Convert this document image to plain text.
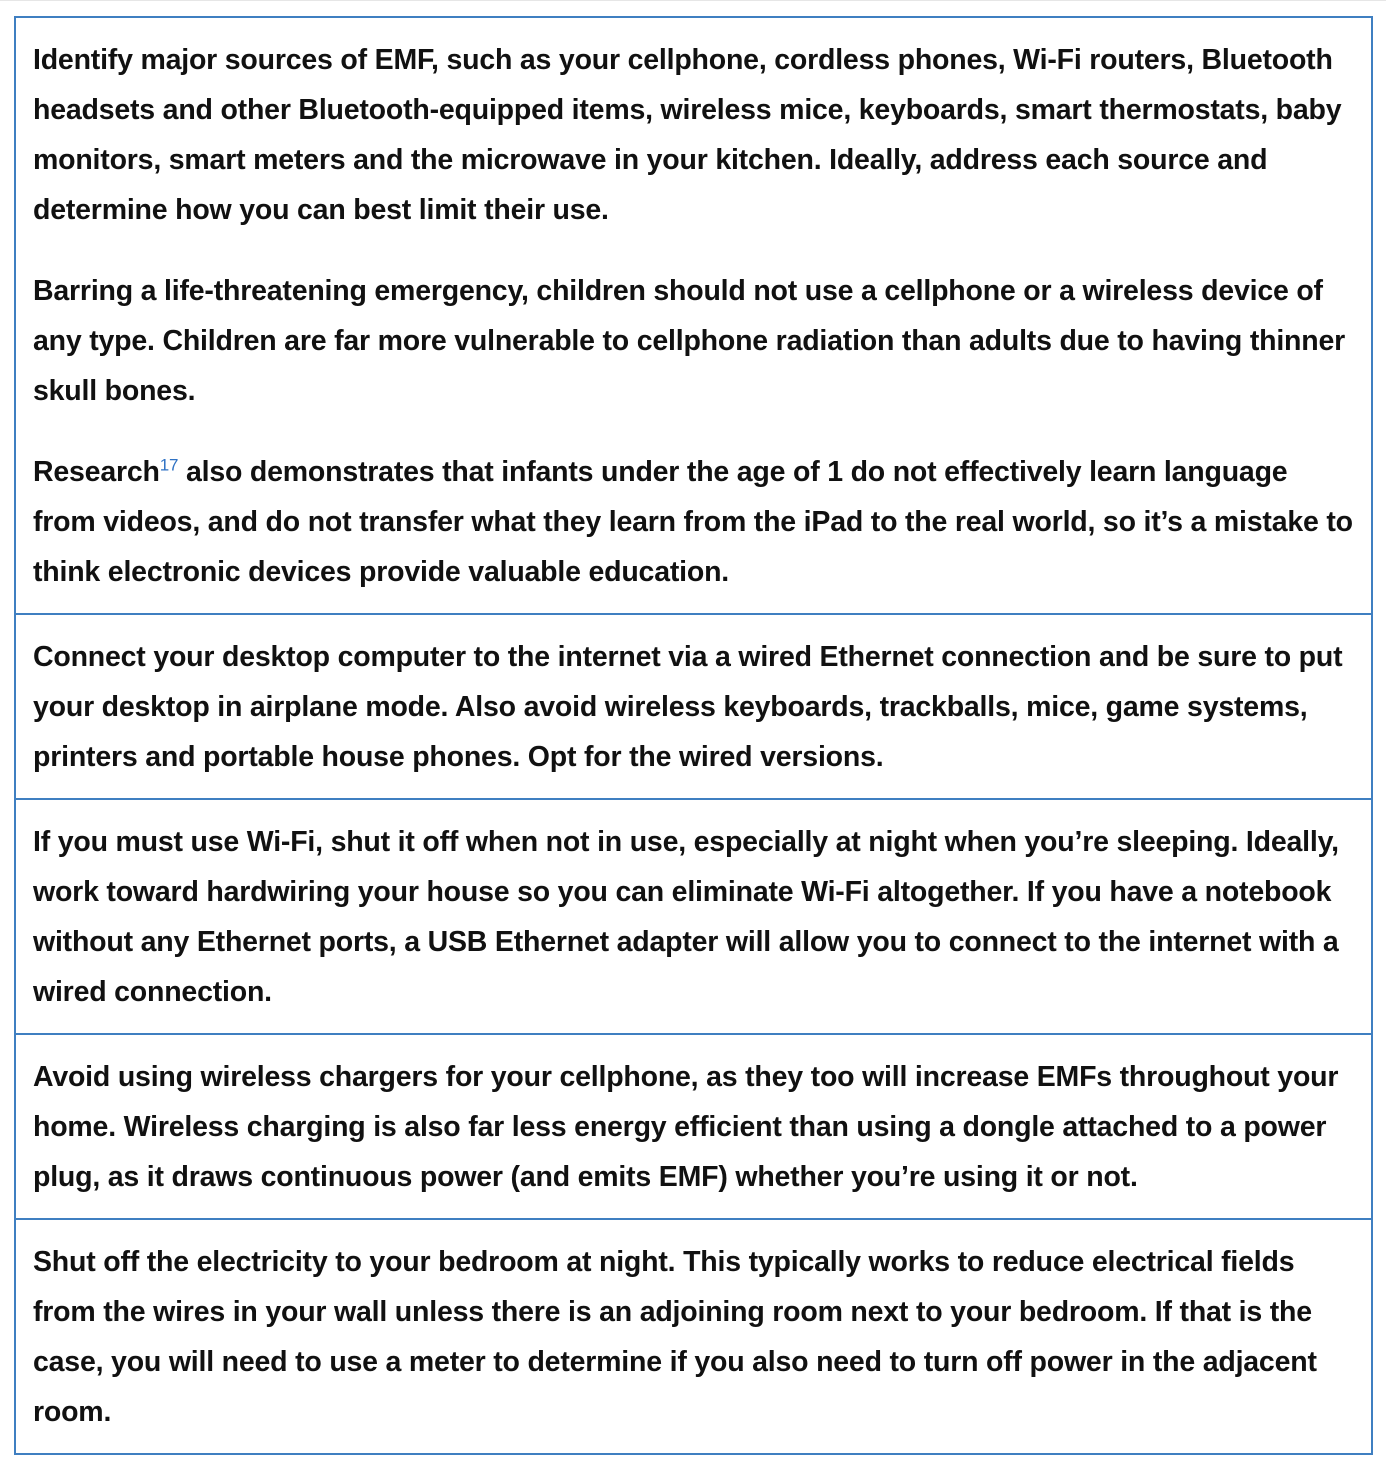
Identify major sources of EMF, such as your cellphone, cordless phones, Wi-Fi routers, Bluetooth headsets and other Bluetooth-equipped items, wireless mice, keyboards, smart thermostats, baby monitors, smart meters and the microwave in your kitchen. Ideally, address each source and determine how you can best limit their use.

Barring a life-threatening emergency, children should not use a cellphone or a wireless device of any type. Children are far more vulnerable to cellphone radiation than adults due to having thinner skull bones.

Research$^{17}$ also demonstrates that infants under the age of 1 do not effectively learn language from videos, and do not transfer what they learn from the iPad to the real world, so it’s a mistake to think electronic devices provide valuable education.

Connect your desktop computer to the internet via a wired Ethernet connection and be sure to put your desktop in airplane mode. Also avoid wireless keyboards, trackballs, mice, game systems, printers and portable house phones. Opt for the wired versions.

If you must use Wi-Fi, shut it off when not in use, especially at night when you’re sleeping. Ideally, work toward hardwiring your house so you can eliminate Wi-Fi altogether. If you have a notebook without any Ethernet ports, a USB Ethernet adapter will allow you to connect to the internet with a wired connection.

Avoid using wireless chargers for your cellphone, as they too will increase EMFs throughout your home. Wireless charging is also far less energy efficient than using a dongle attached to a power plug, as it draws continuous power (and emits EMF) whether you’re using it or not.

Shut off the electricity to your bedroom at night. This typically works to reduce electrical fields from the wires in your wall unless there is an adjoining room next to your bedroom. If that is the case, you will need to use a meter to determine if you also need to turn off power in the adjacent room.
